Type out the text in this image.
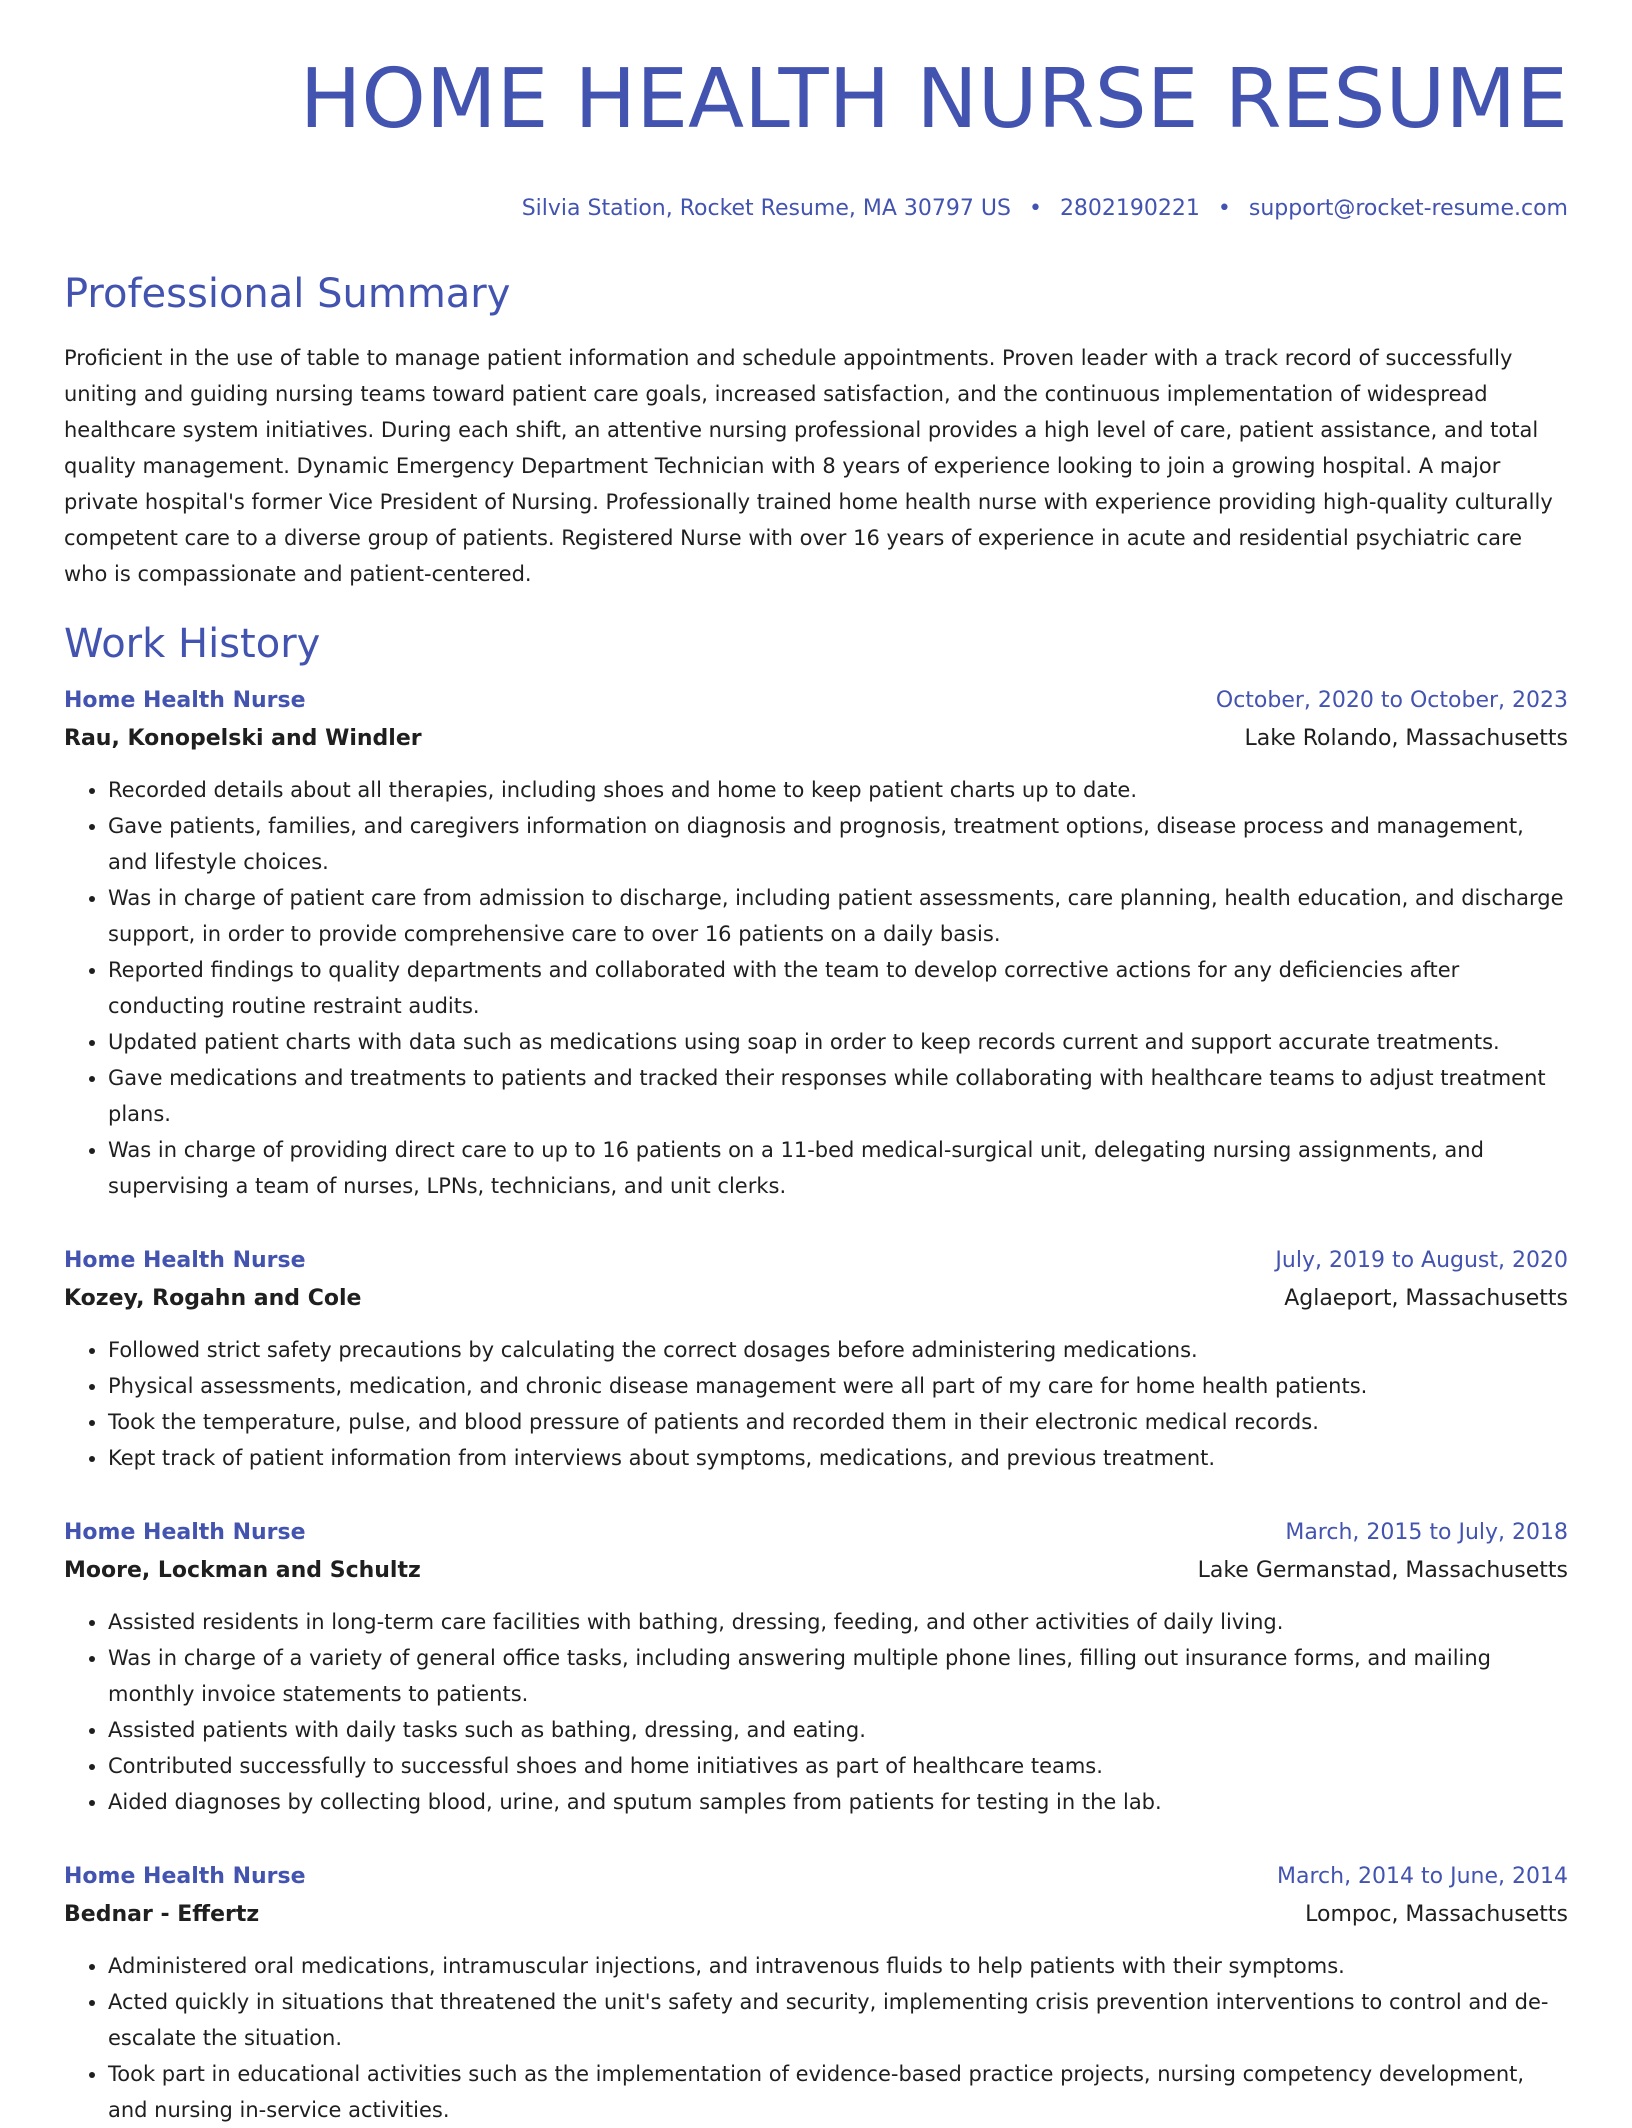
HOME HEALTH NURSE RESUME
Silvia Station, Rocket Resume, MA 30797 US • 2802190221 • support@rocket-resume.com
Professional Summary

Proficient in the use of table to manage patient information and schedule appointments. Proven leader with a track record of successfully uniting and guiding nursing teams toward patient care goals, increased satisfaction, and the continuous implementation of widespread healthcare system initiatives. During each shift, an attentive nursing professional provides a high level of care, patient assistance, and total quality management. Dynamic Emergency Department Technician with 8 years of experience looking to join a growing hospital. A major private hospital's former Vice President of Nursing. Professionally trained home health nurse with experience providing high-quality culturally competent care to a diverse group of patients. Registered Nurse with over 16 years of experience in acute and residential psychiatric care who is compassionate and patient-centered.

Work History
Home Health Nurse	October, 2020 to October, 2023
Rau, Konopelski and Windler	Lake Rolando, Massachusetts
• Recorded details about all therapies, including shoes and home to keep patient charts up to date.
• Gave patients, families, and caregivers information on diagnosis and prognosis, treatment options, disease process and management, and lifestyle choices.
• Was in charge of patient care from admission to discharge, including patient assessments, care planning, health education, and discharge support, in order to provide comprehensive care to over 16 patients on a daily basis.
• Reported findings to quality departments and collaborated with the team to develop corrective actions for any deficiencies after conducting routine restraint audits.
• Updated patient charts with data such as medications using soap in order to keep records current and support accurate treatments.
• Gave medications and treatments to patients and tracked their responses while collaborating with healthcare teams to adjust treatment plans.
• Was in charge of providing direct care to up to 16 patients on a 11-bed medical-surgical unit, delegating nursing assignments, and supervising a team of nurses, LPNs, technicians, and unit clerks.
Home Health Nurse	July, 2019 to August, 2020
Kozey, Rogahn and Cole	Aglaeport, Massachusetts
• Followed strict safety precautions by calculating the correct dosages before administering medications.
• Physical assessments, medication, and chronic disease management were all part of my care for home health patients.
• Took the temperature, pulse, and blood pressure of patients and recorded them in their electronic medical records.
• Kept track of patient information from interviews about symptoms, medications, and previous treatment.
Home Health Nurse	March, 2015 to July, 2018
Moore, Lockman and Schultz	Lake Germanstad, Massachusetts
• Assisted residents in long-term care facilities with bathing, dressing, feeding, and other activities of daily living.
• Was in charge of a variety of general office tasks, including answering multiple phone lines, filling out insurance forms, and mailing monthly invoice statements to patients.
• Assisted patients with daily tasks such as bathing, dressing, and eating.
• Contributed successfully to successful shoes and home initiatives as part of healthcare teams.
• Aided diagnoses by collecting blood, urine, and sputum samples from patients for testing in the lab.
Home Health Nurse	March, 2014 to June, 2014
Bednar - Effertz	Lompoc, Massachusetts
• Administered oral medications, intramuscular injections, and intravenous fluids to help patients with their symptoms.
• Acted quickly in situations that threatened the unit's safety and security, implementing crisis prevention interventions to control and de-escalate the situation.
• Took part in educational activities such as the implementation of evidence-based practice projects, nursing competency development, and nursing in-service activities.
